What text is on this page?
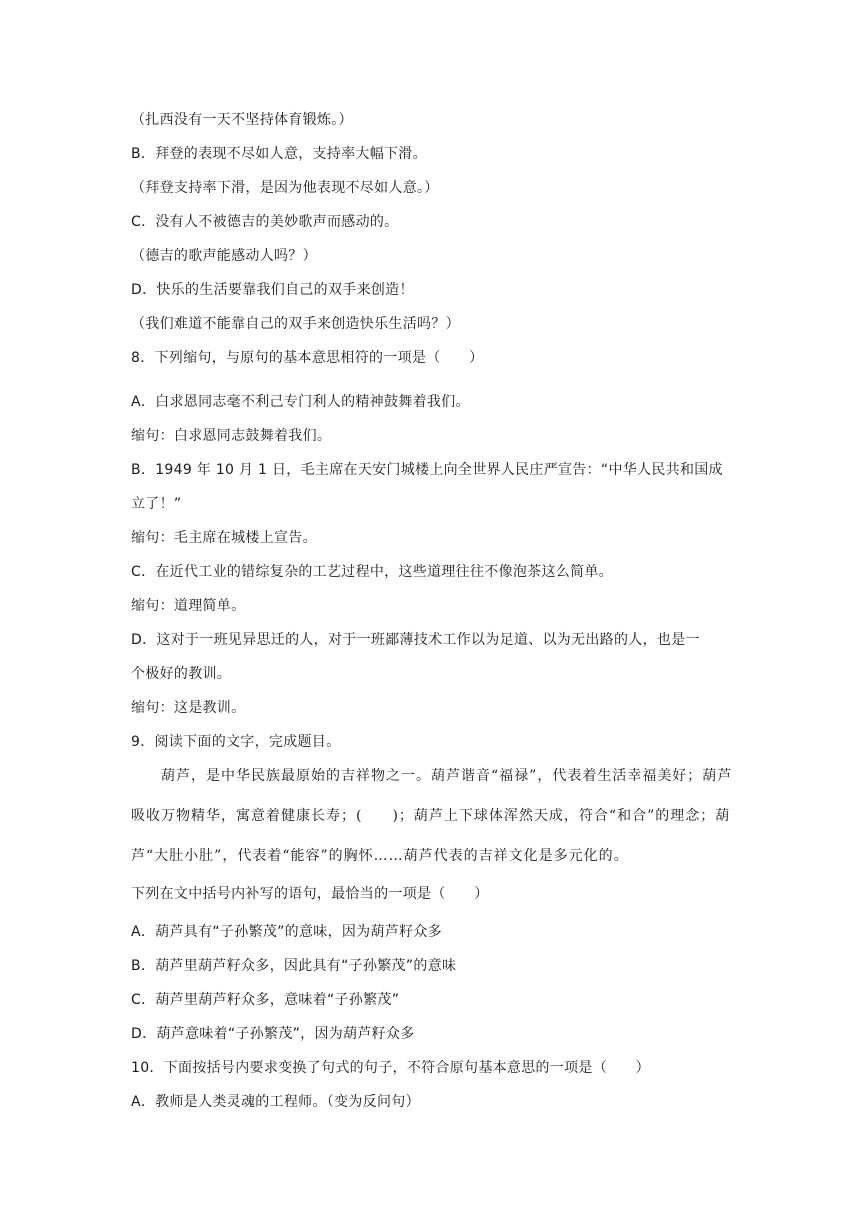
（扎西没有一天不坚持体育锻炼。）
B．拜登的表现不尽如人意，支持率大幅下滑。
（拜登支持率下滑，是因为他表现不尽如人意。）
C．没有人不被德吉的美妙歌声而感动的。
（德吉的歌声能感动人吗？）
D．快乐的生活要靠我们自己的双手来创造！
（我们难道不能靠自己的双手来创造快乐生活吗？）
8．下列缩句，与原句的基本意思相符的一项是（　　）
A．白求恩同志毫不利己专门利人的精神鼓舞着我们。
缩句：白求恩同志鼓舞着我们。
B．1949 年 10 月 1 日，毛主席在天安门城楼上向全世界人民庄严宣告：“中华人民共和国成
立了！”
缩句：毛主席在城楼上宣告。
C．在近代工业的错综复杂的工艺过程中，这些道理往往不像泡茶这么简单。
缩句：道理简单。
D．这对于一班见异思迁的人，对于一班鄙薄技术工作以为足道、以为无出路的人，也是一
个极好的教训。
缩句：这是教训。
9．阅读下面的文字，完成题目。
葫芦，是中华民族最原始的吉祥物之一。葫芦谐音“福禄”，代表着生活幸福美好；葫芦
吸收万物精华，寓意着健康长寿；(　　)；葫芦上下球体浑然天成，符合“和合”的理念；葫
芦“大肚小肚”，代表着“能容”的胸怀……葫芦代表的吉祥文化是多元化的。
下列在文中括号内补写的语句，最恰当的一项是（　　）
A．葫芦具有“子孙繁茂”的意味，因为葫芦籽众多
B．葫芦里葫芦籽众多，因此具有“子孙繁茂”的意味
C．葫芦里葫芦籽众多，意味着“子孙繁茂”
D．葫芦意味着“子孙繁茂”，因为葫芦籽众多
10．下面按括号内要求变换了句式的句子，不符合原句基本意思的一项是（　　）
A．教师是人类灵魂的工程师。（变为反问句）
